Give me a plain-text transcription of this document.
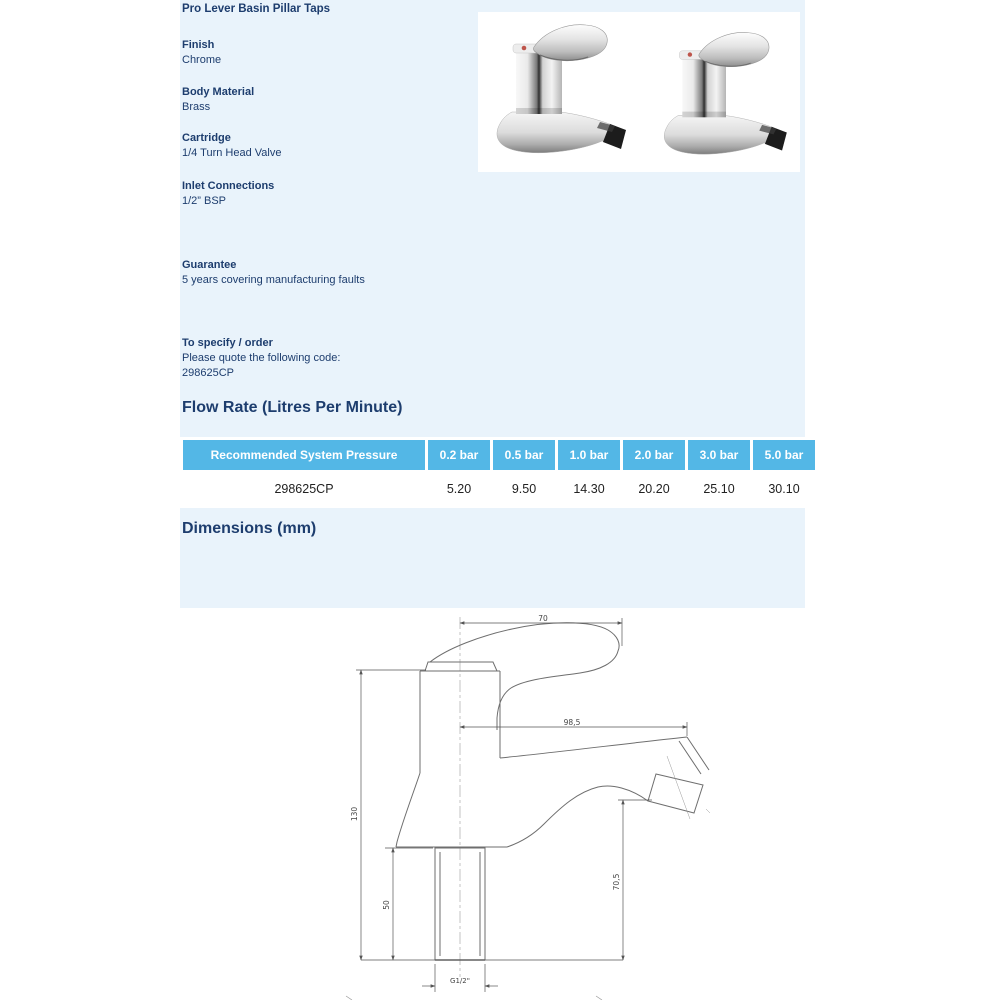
Pro Lever Basin Pillar Taps
Finish
Chrome
Body Material
Brass
Cartridge
1/4 Turn Head Valve
Inlet Connections
1/2” BSP
Guarantee
5 years covering manufacturing faults
To specify / order
Please quote the following code:
298625CP
Flow Rate (Litres Per Minute)
Recommended System Pressure	0.2 bar	0.5 bar	1.0 bar	2.0 bar	3.0 bar	5.0 bar
298625CP	5.20	9.50	14.30	20.20	25.10	30.10
Dimensions (mm)
70
98,5
130
50
70,5
G1/2"
